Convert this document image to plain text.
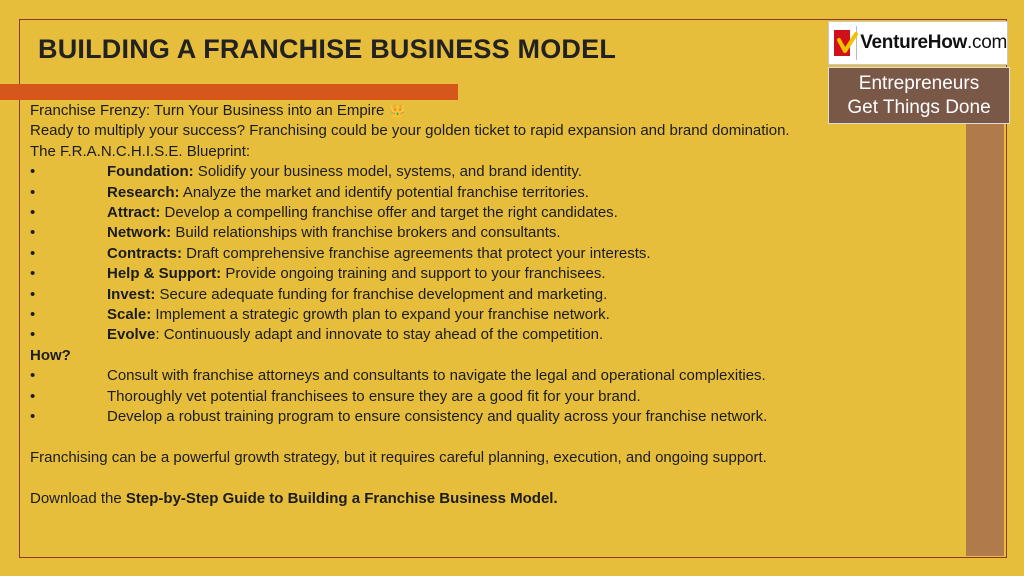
BUILDING A FRANCHISE BUSINESS MODEL	VentureHow.com
Entrepreneurs
Get Things Done
Franchise Frenzy: Turn Your Business into an Empire 👑
Ready to multiply your success? Franchising could be your golden ticket to rapid expansion and brand domination.
The F.R.A.N.C.H.I.S.E. Blueprint:
•	Foundation: Solidify your business model, systems, and brand identity.
•	Research: Analyze the market and identify potential franchise territories.
•	Attract: Develop a compelling franchise offer and target the right candidates.
•	Network: Build relationships with franchise brokers and consultants.
•	Contracts: Draft comprehensive franchise agreements that protect your interests.
•	Help & Support: Provide ongoing training and support to your franchisees.
•	Invest: Secure adequate funding for franchise development and marketing.
•	Scale: Implement a strategic growth plan to expand your franchise network.
•	Evolve: Continuously adapt and innovate to stay ahead of the competition.
How?
•	Consult with franchise attorneys and consultants to navigate the legal and operational complexities.
•	Thoroughly vet potential franchisees to ensure they are a good fit for your brand.
•	Develop a robust training program to ensure consistency and quality across your franchise network.
Franchising can be a powerful growth strategy, but it requires careful planning, execution, and ongoing support.
Download the Step-by-Step Guide to Building a Franchise Business Model.
